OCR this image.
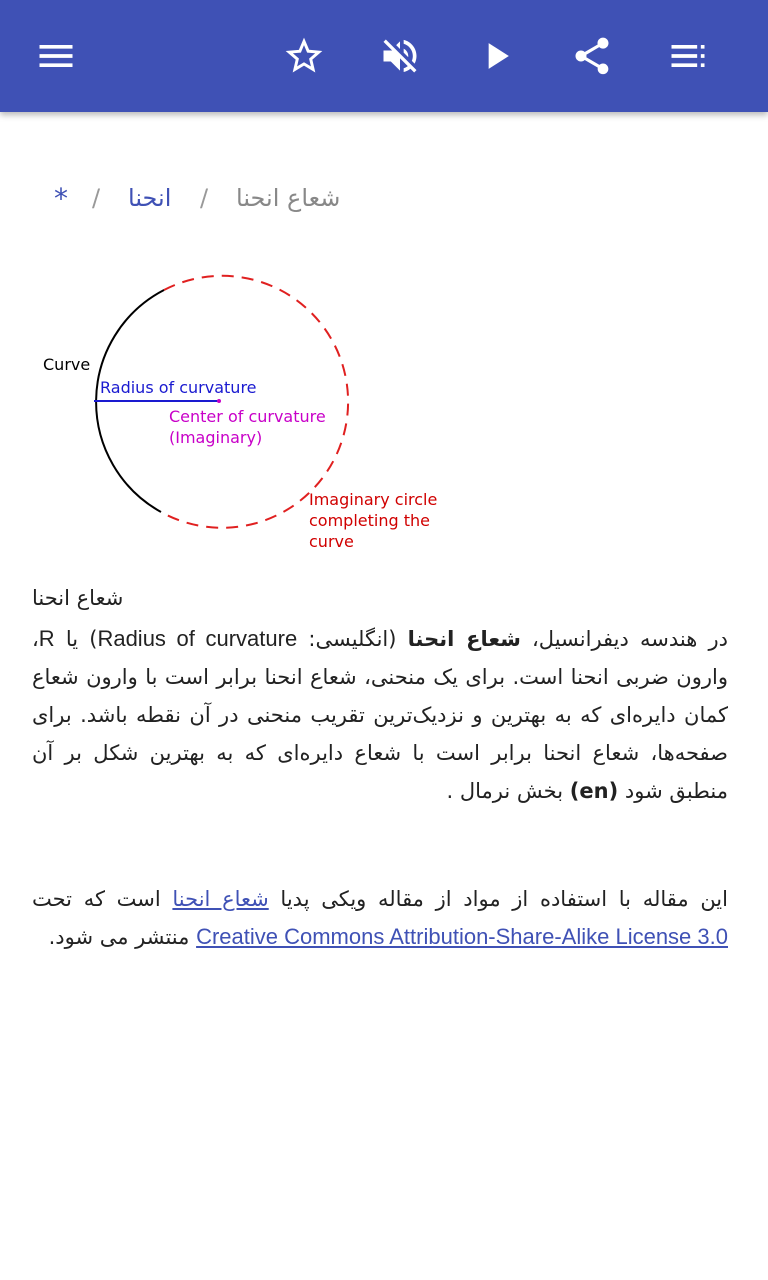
* / انحنا / شعاع انحنا
Curve
Radius of curvature
Center of curvature
(Imaginary)
Imaginary circle
completing the
curve
شعاع انحنا

در هندسه دیفرانسیل، شعاع انحنا (انگلیسی: Radius of curvature) یا R، وارون ضربی انحنا است. برای یک منحنی، شعاع انحنا برابر است با وارون شعاع کمان دایره‌ای که به بهترین و نزدیک‌ترین تقریب منحنی در آن نقطه باشد. برای صفحه‌ها، شعاع انحنا برابر است با شعاع دایره‌ای که به بهترین شکل بر آن منطبق شود (en) بخش نرمال .

این مقاله با استفاده از مواد از مقاله ویکی پدیا شعاع انحنا است که تحت Creative Commons Attribution-Share-Alike License 3.0 منتشر می شود.
